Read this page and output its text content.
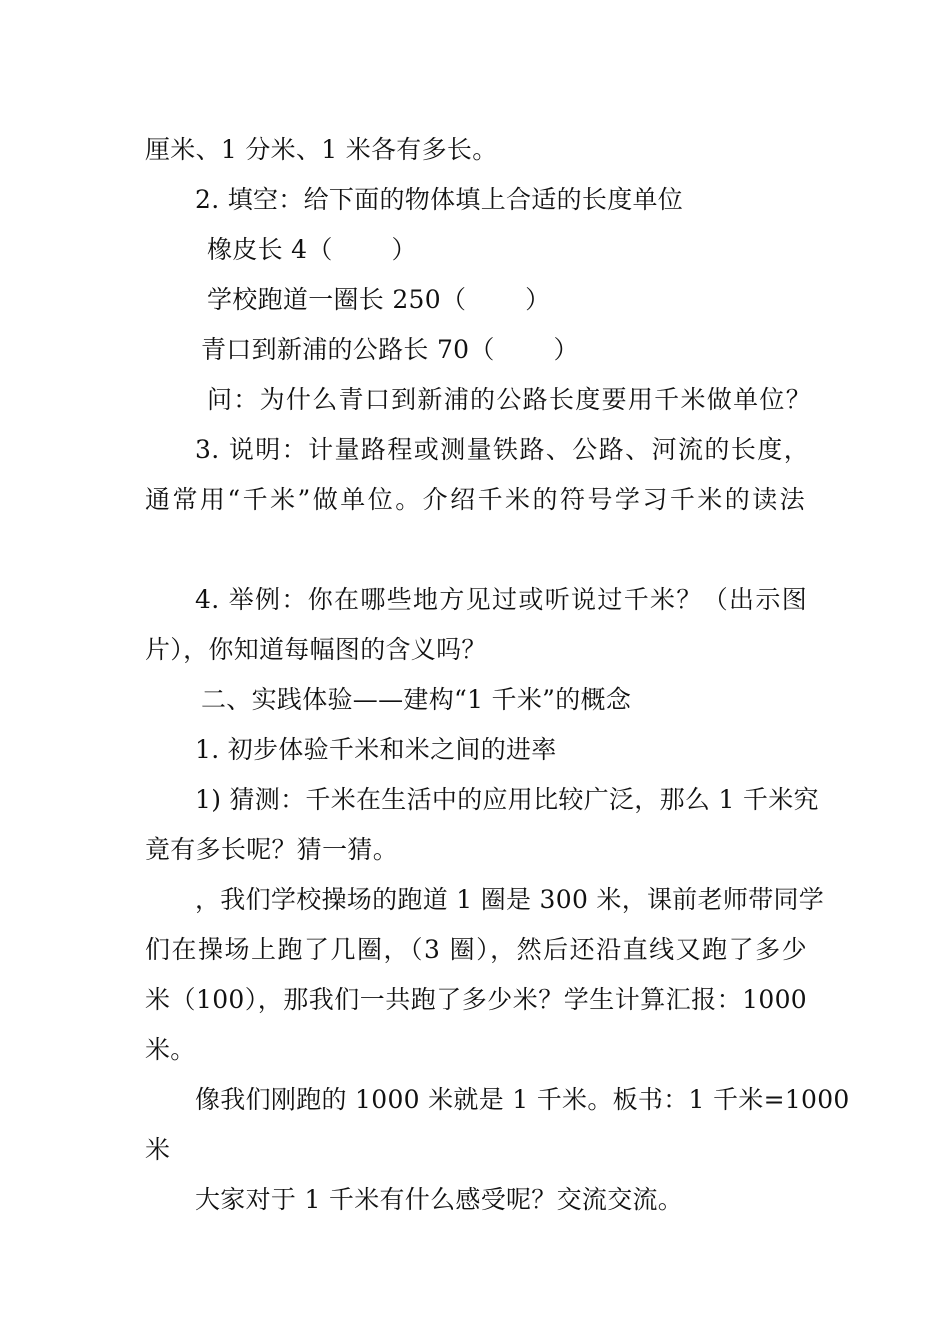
厘米、1 分米、1 米各有多长。
2. 填空：给下面的物体填上合适的长度单位
橡皮长 4（　　 ）
学校跑道一圈长 250（　　 ）
青口到新浦的公路长 70（　　 ）
问：为什么青口到新浦的公路长度要用千米做单位？
3. 说明：计量路程或测量铁路、公路、河流的长度，
通常用“千米”做单位。介绍千米的符号学习千米的读法
4. 举例：你在哪些地方见过或听说过千米？（出示图
片），你知道每幅图的含义吗？
二、实践体验——建构“1 千米”的概念
1. 初步体验千米和米之间的进率
1) 猜测：千米在生活中的应用比较广泛，那么 1 千米究
竟有多长呢？猜一猜。
，我们学校操场的跑道 1 圈是 300 米，课前老师带同学
们在操场上跑了几圈，（3 圈），然后还沿直线又跑了多少
米（100），那我们一共跑了多少米？学生计算汇报：1000
米。
像我们刚跑的 1000 米就是 1 千米。板书：1 千米=1000
米
大家对于 1 千米有什么感受呢？交流交流。
